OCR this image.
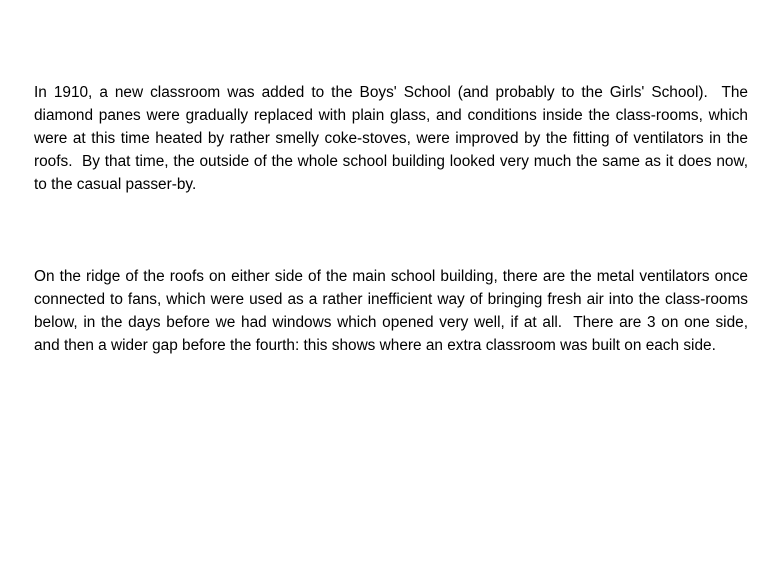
In 1910, a new classroom was added to the Boys' School (and probably to the Girls' School).  The diamond panes were gradually replaced with plain glass, and conditions inside the class-rooms, which were at this time heated by rather smelly coke-stoves, were improved by the fitting of ventilators in the roofs.  By that time, the outside of the whole school building looked very much the same as it does now, to the casual passer-by.

On the ridge of the roofs on either side of the main school building, there are the metal ventilators once connected to fans, which were used as a rather inefficient way of bringing fresh air into the class-rooms below, in the days before we had windows which opened very well, if at all.  There are 3 on one side, and then a wider gap before the fourth: this shows where an extra classroom was built on each side.
